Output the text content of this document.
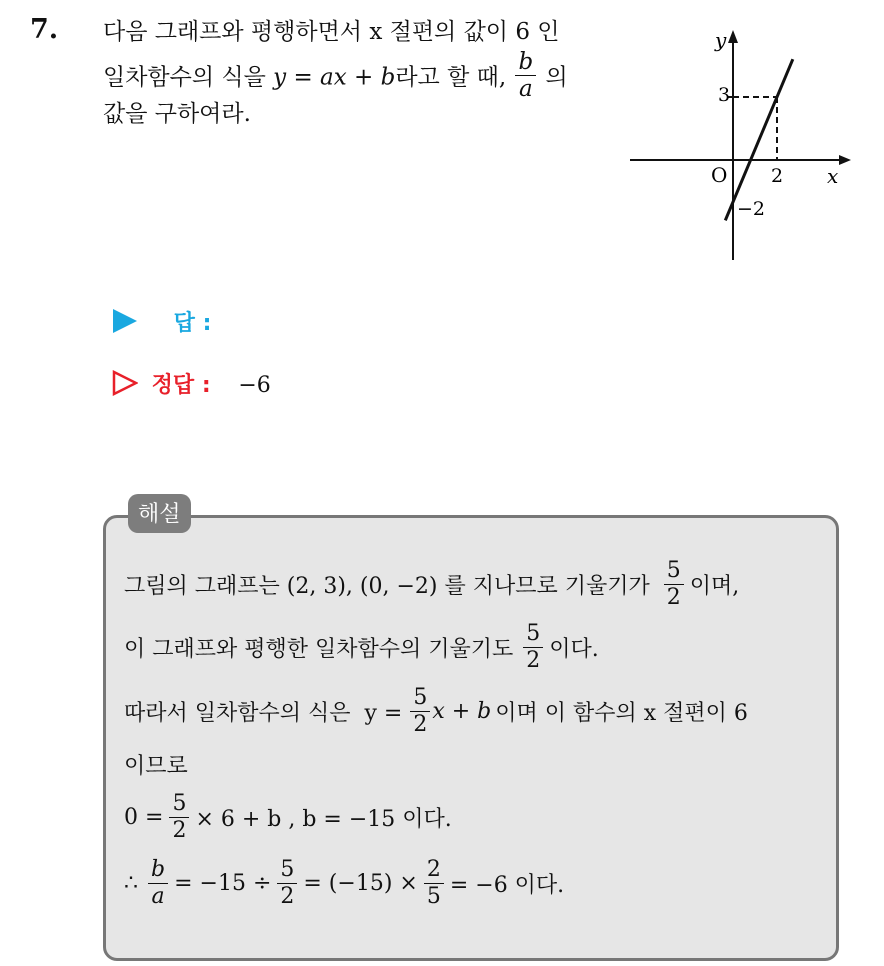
7. 다음 그래프와 평행하면서 x 절편의 값이 6 인
일차함수의 식을 y = ax + b라고 할 때, $\frac{b}{a}$ 의
값을 구하여라.
y
x
O
3
2
−2
답 :
정답 : −6
해설
그림의 그래프는 (2, 3), (0, −2) 를 지나므로 기울기가 $\frac{5}{2}$ 이며,
이 그래프와 평행한 일차함수의 기울기도 $\frac{5}{2}$ 이다.
따라서 일차함수의 식은  $y = \frac{5}{2}$ x + b 이며 이 함수의 x 절편이 6
이므로
$0 = \frac{5}{2} \times 6 + b$ , b = −15 이다.
∴ $\frac{b}{a} = -15 \div \frac{5}{2} = (-15) \times \frac{2}{5} = -6$ 이다.
